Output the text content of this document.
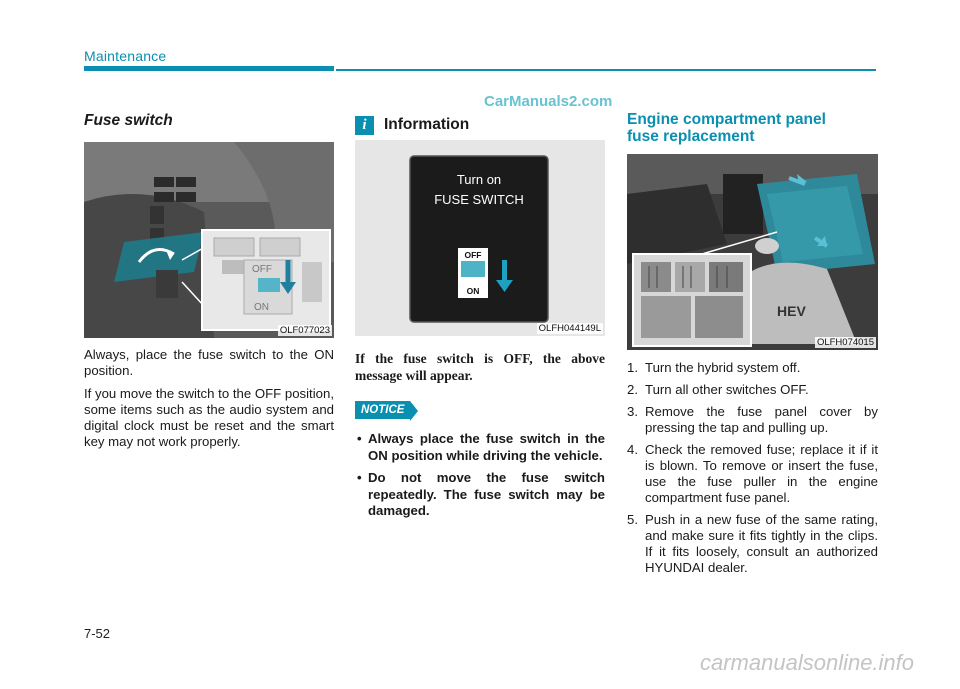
Maintenance
CarManuals2.com
Fuse switch
OFF
ON
OLF077023

Always, place the fuse switch to the ON position.

If you move the switch to the OFF position, some items such as the audio system and digital clock must be reset and the smart key may not work properly.

i	Information
Turn on
FUSE SWITCH
OFF
ON
OLFH044149L

If the fuse switch is OFF, the above message will appear.

NOTICE
• Always place the fuse switch in the ON position while driving the vehicle.
• Do not move the fuse switch repeatedly. The fuse switch may be damaged.
Engine compartment panel
fuse replacement
HEV
OLFH074015
1. Turn the hybrid system off.
2. Turn all other switches OFF.
3. Remove the fuse panel cover by pressing the tap and pulling up.
4. Check the removed fuse; replace it if it is blown. To remove or insert the fuse, use the fuse puller in the engine compartment fuse panel.
5. Push in a new fuse of the same rating, and make sure it fits tightly in the clips. If it fits loosely, consult an authorized HYUNDAI dealer.
7-52
carmanualsonline.info
